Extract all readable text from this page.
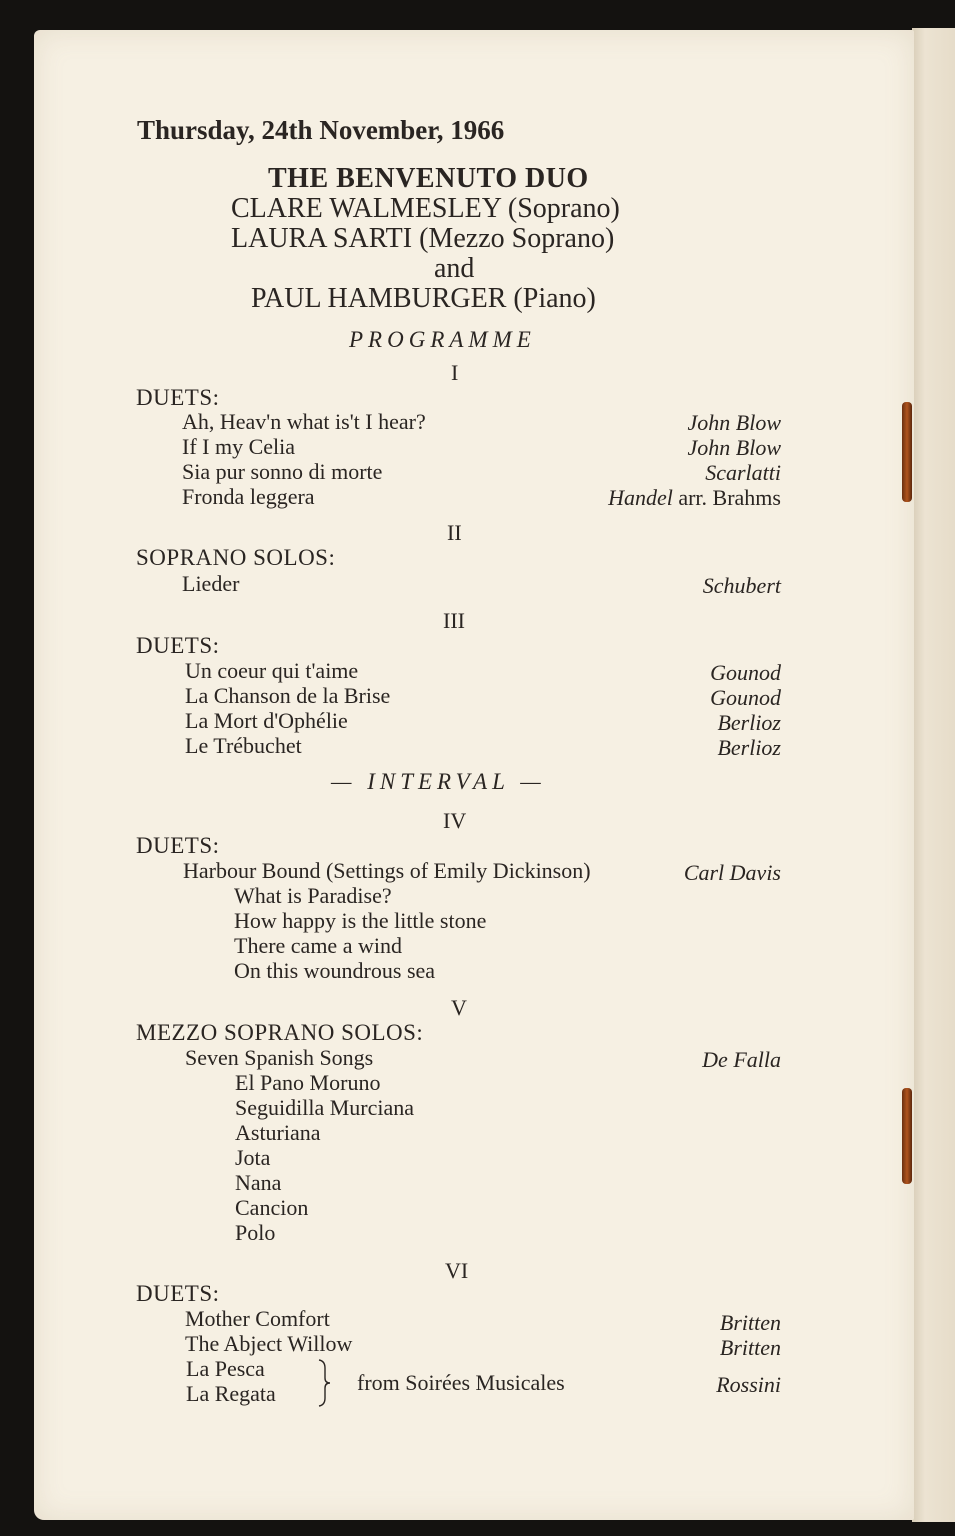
Thursday, 24th November, 1966
THE BENVENUTO DUO
CLARE WALMESLEY (Soprano)
LAURA SARTI (Mezzo Soprano)
and
PAUL HAMBURGER (Piano)
PROGRAMME
I
DUETS:
Ah, Heav'n what is't I hear?	John Blow
If I my Celia	John Blow
Sia pur sonno di morte	Scarlatti
Fronda leggera	Handel arr. Brahms
II
SOPRANO SOLOS:
Lieder	Schubert
III
DUETS:
Un coeur qui t'aime	Gounod
La Chanson de la Brise	Gounod
La Mort d'Ophélie	Berlioz
Le Trébuchet	Berlioz
— INTERVAL —
IV
DUETS:
Harbour Bound (Settings of Emily Dickinson)	Carl Davis
What is Paradise?
How happy is the little stone
There came a wind
On this woundrous sea
V
MEZZO SOPRANO SOLOS:
Seven Spanish Songs	De Falla
El Pano Moruno
Seguidilla Murciana
Asturiana
Jota
Nana
Cancion
Polo
VI
DUETS:
Mother Comfort	Britten
The Abject Willow	Britten
La Pesca
La Regata	from Soirées Musicales	Rossini
